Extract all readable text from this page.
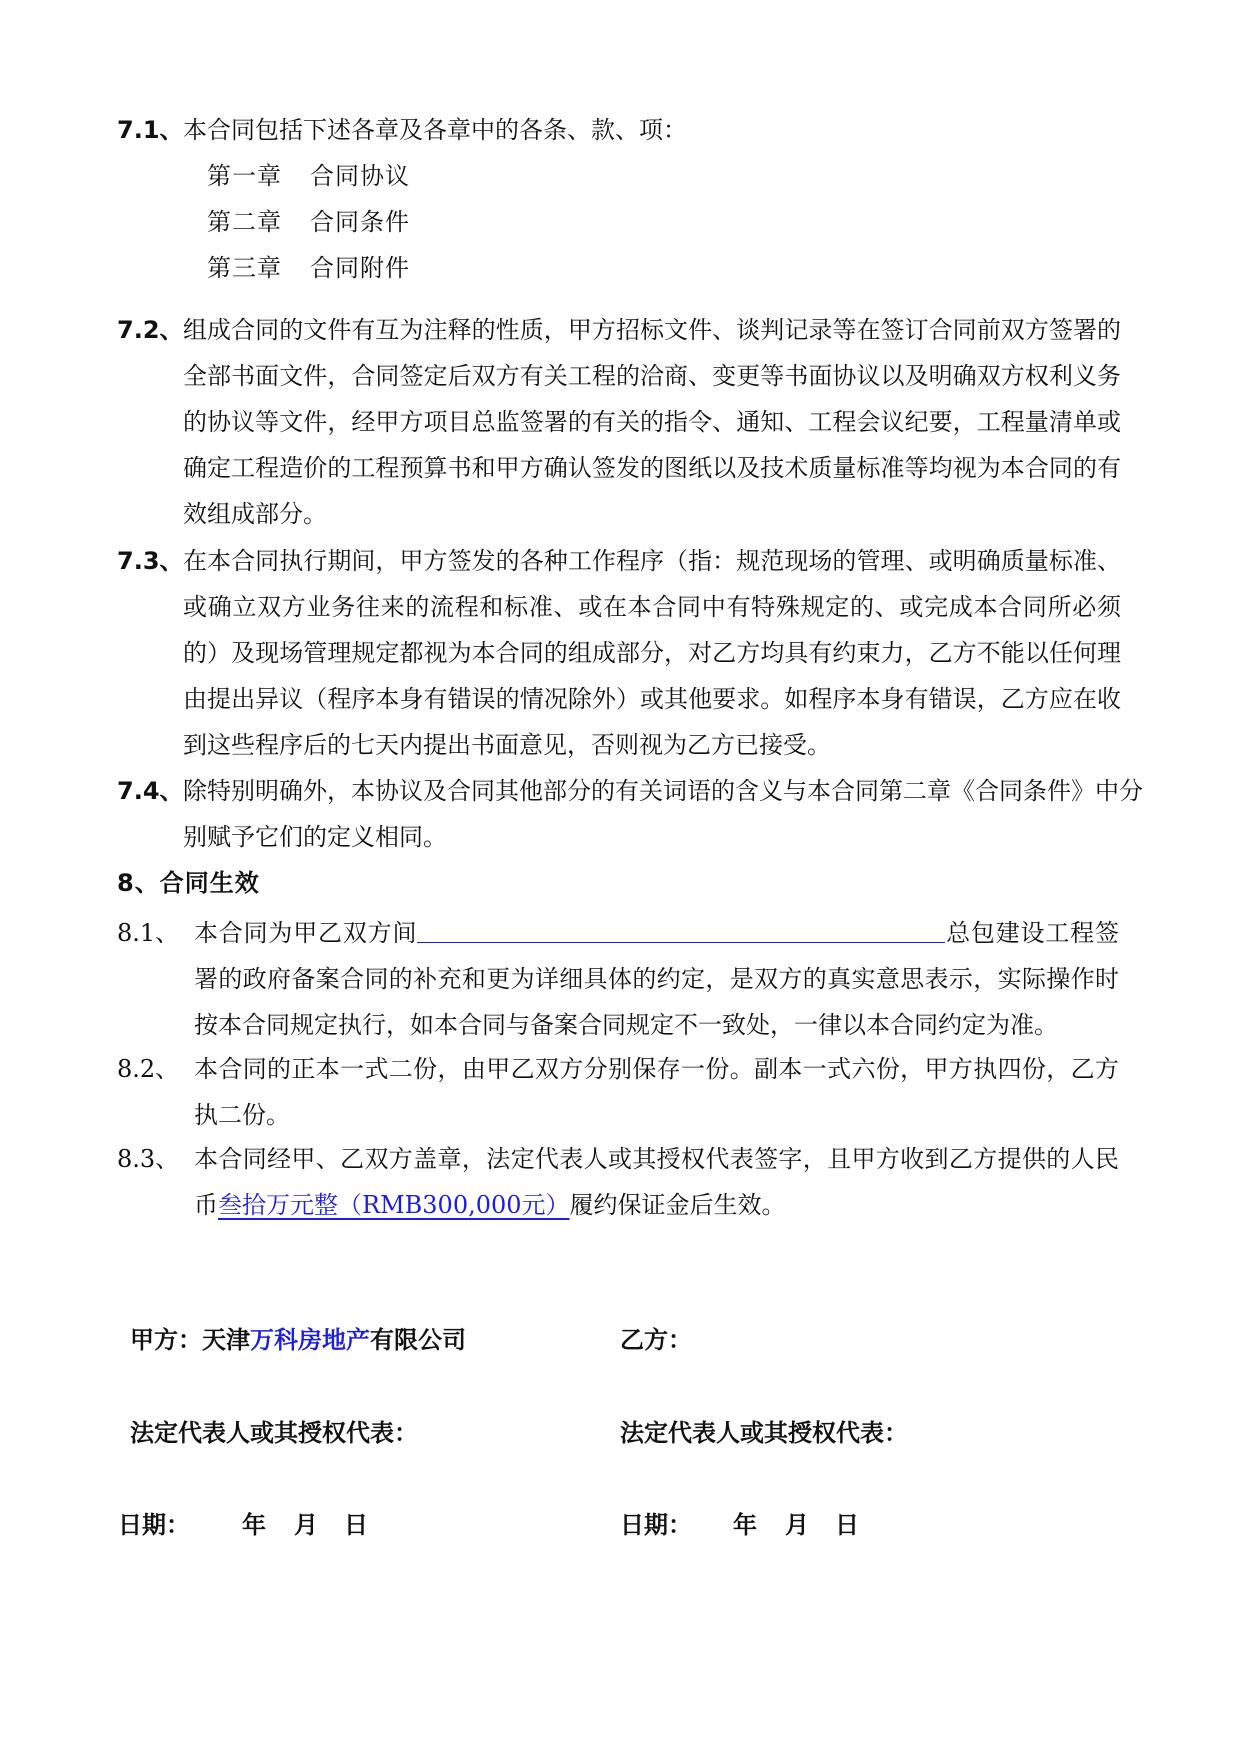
7.1、 本合同包括下述各章及各章中的各条、款、项：
第一章 合同协议
第二章 合同条件
第三章 合同附件
7.2、 组成合同的文件有互为注释的性质，甲方招标文件、谈判记录等在签订合同前双方签署的全部书面文件，合同签定后双方有关工程的洽商、变更等书面协议以及明确双方权利义务的协议等文件，经甲方项目总监签署的有关的指令、通知、工程会议纪要，工程量清单或确定工程造价的工程预算书和甲方确认签发的图纸以及技术质量标准等均视为本合同的有效组成部分。
7.3、 在本合同执行期间，甲方签发的各种工作程序（指：规范现场的管理、或明确质量标准、或确立双方业务往来的流程和标准、或在本合同中有特殊规定的、或完成本合同所必须的）及现场管理规定都视为本合同的组成部分，对乙方均具有约束力，乙方不能以任何理由提出异议（程序本身有错误的情况除外）或其他要求。如程序本身有错误，乙方应在收到这些程序后的七天内提出书面意见，否则视为乙方已接受。
7.4、 除特别明确外，本协议及合同其他部分的有关词语的含义与本合同第二章《合同条件》中分别赋予它们的定义相同。
8、合同生效
8.1、 本合同为甲乙双方间	总包建设工程签署的政府备案合同的补充和更为详细具体的约定，是双方的真实意思表示，实际操作时按本合同规定执行，如本合同与备案合同规定不一致处，一律以本合同约定为准。
8.2、 本合同的正本一式二份，由甲乙双方分别保存一份。副本一式六份，甲方执四份，乙方执二份。
8.3、 本合同经甲、乙双方盖章，法定代表人或其授权代表签字，且甲方收到乙方提供的人民币叁拾万元整（RMB300,000元）履约保证金后生效。
甲方：天津万科房地产有限公司	乙方：
法定代表人或其授权代表：	法定代表人或其授权代表：
日期： 年 月 日	日期： 年 月 日
